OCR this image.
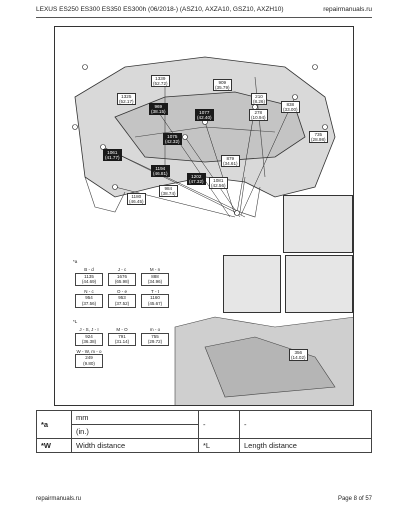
LEXUS ES250 ES300 ES350 ES300h (06/2018-) (ASZ10, AXZA10, GSZ10, AXZH10)	repairmanuals.ru
1339
(52.72)
1325
(52.17)
909
(35.79)
210
(8.26)
969
(38.15)	1077
(42.40)
1075
(42.32)
838
(33.00)
278
(10.94)
735
(28.98)
1061
(41.77)	879
(34.61)
1194
(46.81)
1202
(47.32)	1081
(42.56)
984
(38.74)
1180
(46.45)
356
(14.02)
*a
B - d
1135
(44.69)
J - c
1676
(65.98)
M - n
888
(34.96)
N - c
954
(37.56)
O - e
953
(37.52)
T - t
1160
(45.67)
*L
J - S, J - I
924
(36.38)
M - O
791
(31.14)
m - o
755
(29.72)
W - W, m - o
249
(9.80)
*a	mm	-	-
	(in.)		
*W	Width distance	*L	Length distance
repairmanuals.ru	Page 8 of 57
